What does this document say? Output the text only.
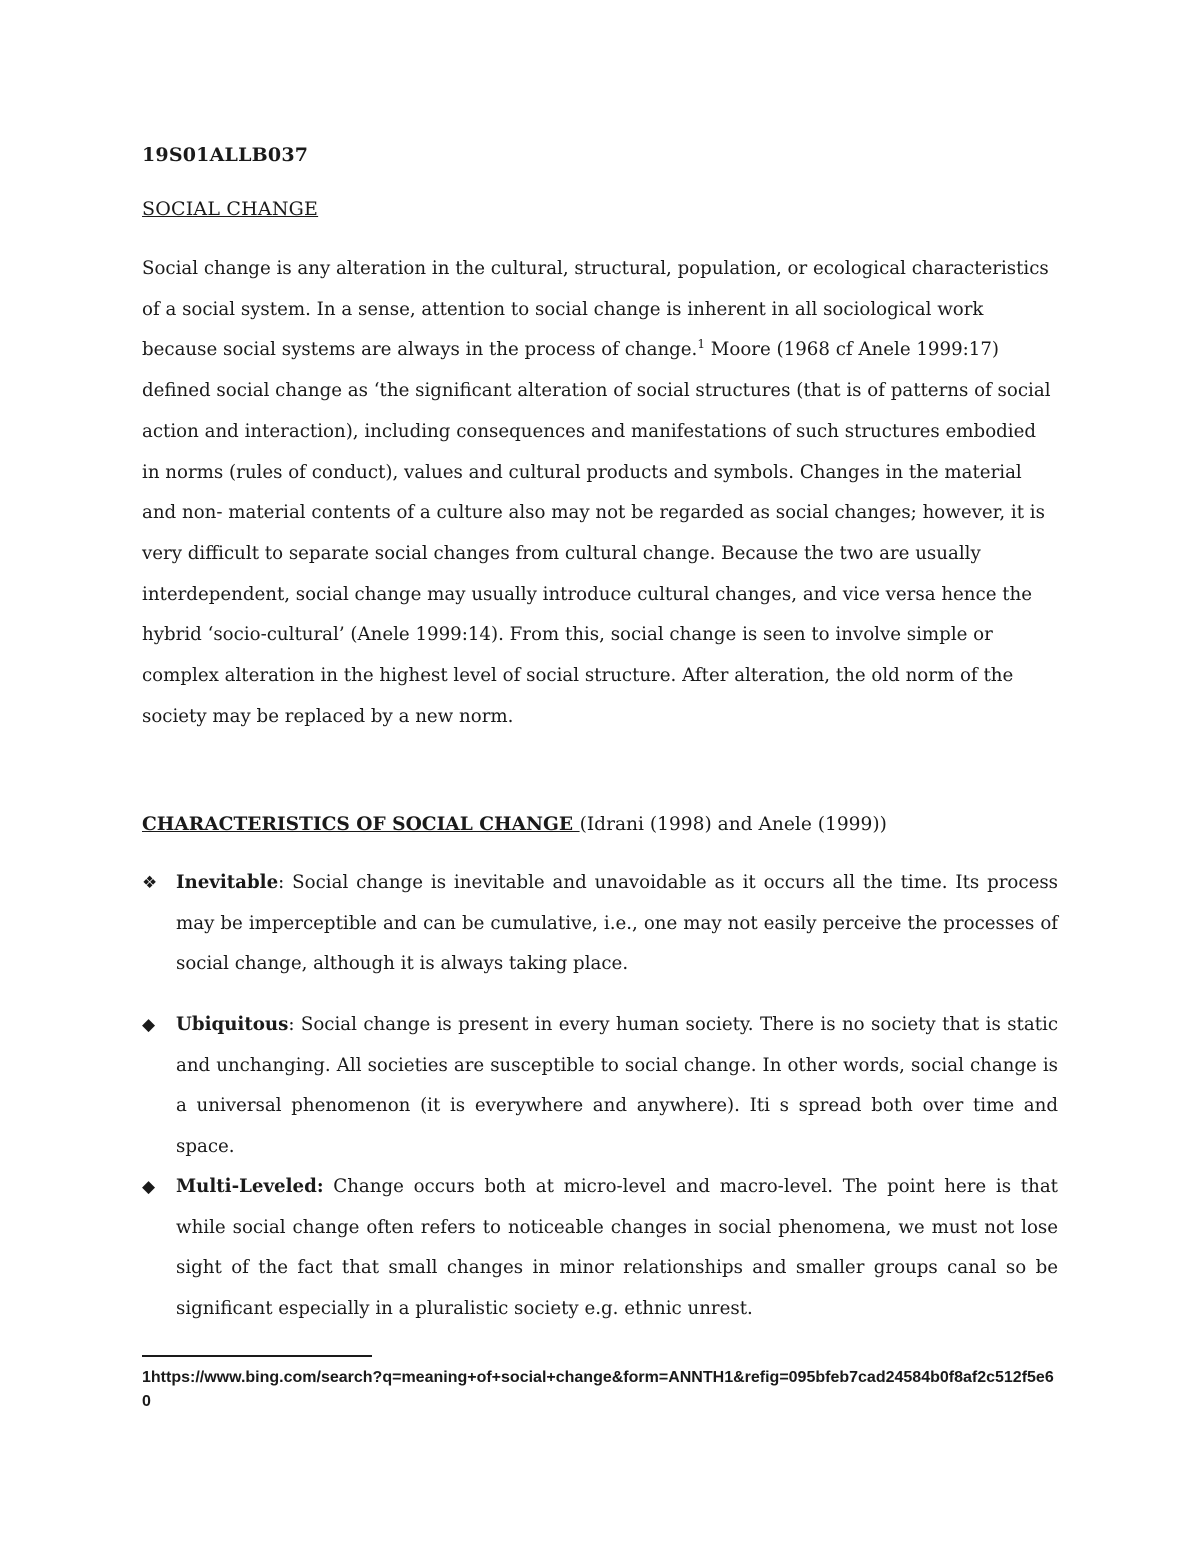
19S01ALLB037
SOCIAL CHANGE

Social change is any alteration in the cultural, structural, population, or ecological characteristics of a social system. In a sense, attention to social change is inherent in all sociological work because social systems are always in the process of change.$^1$ Moore (1968 cf Anele 1999:17) defined social change as ‘the significant alteration of social structures (that is of patterns of social action and interaction), including consequences and manifestations of such structures embodied in norms (rules of conduct), values and cultural products and symbols. Changes in the material and non- material contents of a culture also may not be regarded as social changes; however, it is very difficult to separate social changes from cultural change. Because the two are usually interdependent, social change may usually introduce cultural changes, and vice versa hence the hybrid ‘socio-cultural’ (Anele 1999:14). From this, social change is seen to involve simple or complex alteration in the highest level of social structure. After alteration, the old norm of the society may be replaced by a new norm.

CHARACTERISTICS OF SOCIAL CHANGE (Idrani (1998) and Anele (1999))

❖	Inevitable: Social change is inevitable and unavoidable as it occurs all the time. Its process may be imperceptible and can be cumulative, i.e., one may not easily perceive the processes of social change, although it is always taking place.

◆	Ubiquitous: Social change is present in every human society. There is no society that is static and unchanging. All societies are susceptible to social change. In other words, social change is a universal phenomenon (it is everywhere and anywhere). Iti s spread both over time and space.

◆	Multi-Leveled: Change occurs both at micro-level and macro-level. The point here is that while social change often refers to noticeable changes in social phenomena, we must not lose sight of the fact that small changes in minor relationships and smaller groups canal so be significant especially in a pluralistic society e.g. ethnic unrest.

1https://www.bing.com/search?q=meaning+of+social+change&form=ANNTH1&refig=095bfeb7cad24584b0f8af2c512f5e60
